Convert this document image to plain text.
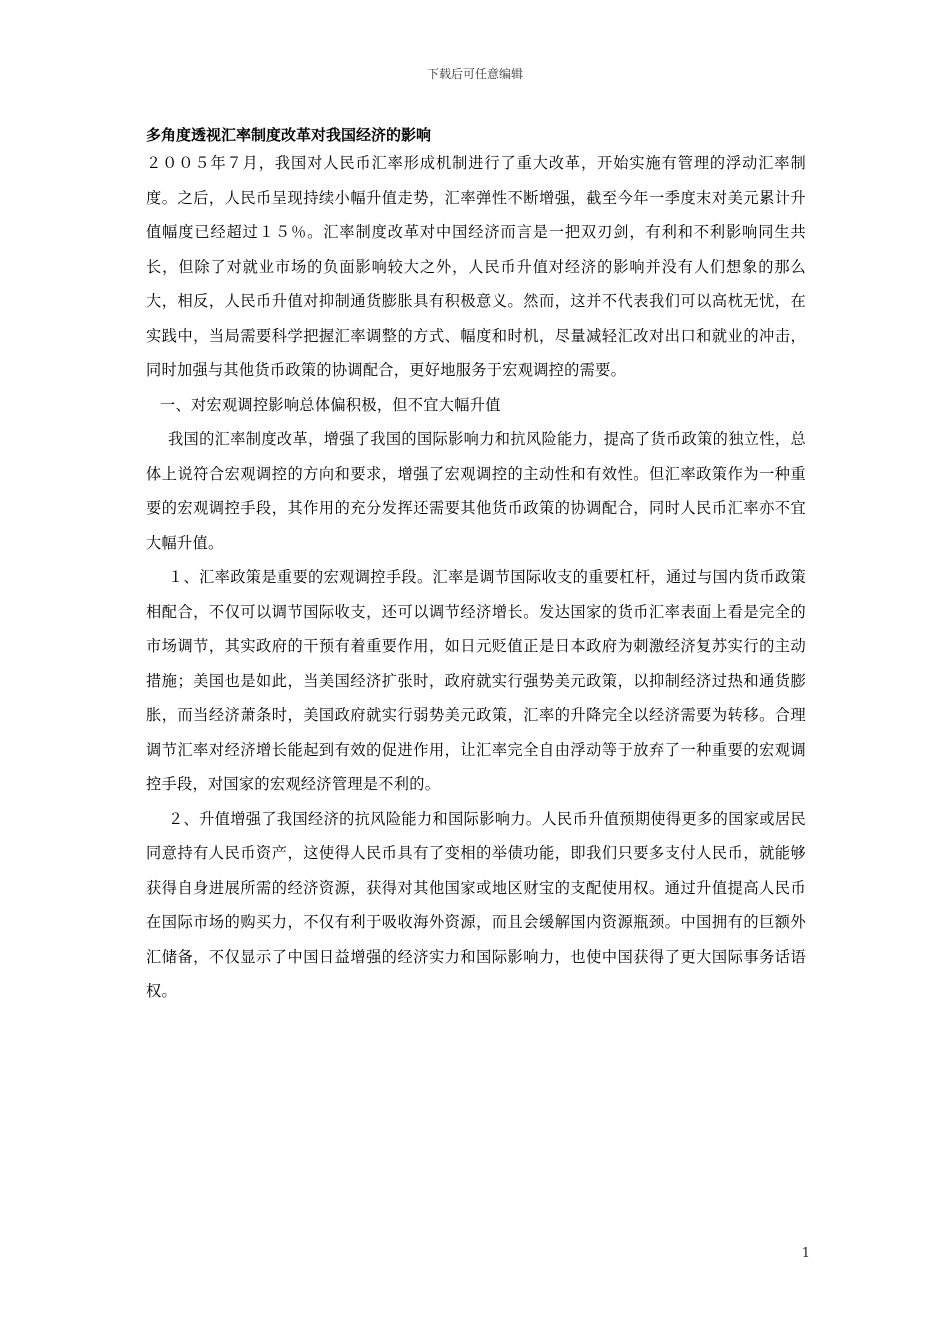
下载后可任意编辑
多角度透视汇率制度改革对我国经济的影响

２００５年７月，我国对人民币汇率形成机制进行了重大改革，开始实施有管理的浮动汇率制度。之后，人民币呈现持续小幅升值走势，汇率弹性不断增强，截至今年一季度末对美元累计升值幅度已经超过１５％。汇率制度改革对中国经济而言是一把双刃剑，有利和不利影响同生共长，但除了对就业市场的负面影响较大之外，人民币升值对经济的影响并没有人们想象的那么大，相反，人民币升值对抑制通货膨胀具有积极意义。然而，这并不代表我们可以高枕无忧，在实践中，当局需要科学把握汇率调整的方式、幅度和时机，尽量减轻汇改对出口和就业的冲击，同时加强与其他货币政策的协调配合，更好地服务于宏观调控的需要。

一、对宏观调控影响总体偏积极，但不宜大幅升值

我国的汇率制度改革，增强了我国的国际影响力和抗风险能力，提高了货币政策的独立性，总体上说符合宏观调控的方向和要求，增强了宏观调控的主动性和有效性。但汇率政策作为一种重要的宏观调控手段，其作用的充分发挥还需要其他货币政策的协调配合，同时人民币汇率亦不宜大幅升值。

１、汇率政策是重要的宏观调控手段。汇率是调节国际收支的重要杠杆，通过与国内货币政策相配合，不仅可以调节国际收支，还可以调节经济增长。发达国家的货币汇率表面上看是完全的市场调节，其实政府的干预有着重要作用，如日元贬值正是日本政府为刺激经济复苏实行的主动措施；美国也是如此，当美国经济扩张时，政府就实行强势美元政策，以抑制经济过热和通货膨胀，而当经济萧条时，美国政府就实行弱势美元政策，汇率的升降完全以经济需要为转移。合理调节汇率对经济增长能起到有效的促进作用，让汇率完全自由浮动等于放弃了一种重要的宏观调控手段，对国家的宏观经济管理是不利的。

２、升值增强了我国经济的抗风险能力和国际影响力。人民币升值预期使得更多的国家或居民同意持有人民币资产，这使得人民币具有了变相的举债功能，即我们只要多支付人民币，就能够获得自身进展所需的经济资源，获得对其他国家或地区财宝的支配使用权。通过升值提高人民币在国际市场的购买力，不仅有利于吸收海外资源，而且会缓解国内资源瓶颈。中国拥有的巨额外汇储备，不仅显示了中国日益增强的经济实力和国际影响力，也使中国获得了更大国际事务话语权。

1
